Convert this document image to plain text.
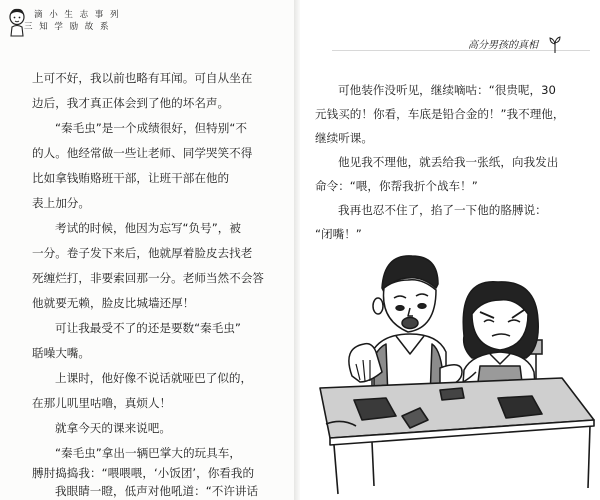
滴 小 生 志 事 列
三 知 学 励 故 系
上可不好，我以前也略有耳闻。可自从坐在
边后，我才真正体会到了他的坏名声。
“秦毛虫”是一个成绩很好，但特别“不
的人。他经常做一些让老师、同学哭笑不得
比如拿钱贿赂班干部，让班干部在他的
表上加分。
考试的时候，他因为忘写“负号”，被
一分。卷子发下来后，他就厚着脸皮去找老
死缠烂打，非要索回那一分。老师当然不会答
他就要无赖，脸皮比城墙还厚！
可让我最受不了的还是要数“秦毛虫”
聒噪大嘴。
上课时，他好像不说话就哑巴了似的，
在那儿叽里咕噜，真烦人！
就拿今天的课来说吧。
“秦毛虫”拿出一辆巴掌大的玩具车，
膊肘捣捣我：“喂喂喂，‘小饭团’，你看我的
我眼睛一瞪，低声对他吼道：“不许讲话
高分男孩的真相
可他装作没听见，继续嘀咕：“很贵呢，30
元钱买的！你看，车底是铅合金的！”我不理他，
继续听课。
他见我不理他，就丢给我一张纸，向我发出
命令：“喂，你帮我折个战车！”
我再也忍不住了，掐了一下他的胳膊说：
“闭嘴！”
